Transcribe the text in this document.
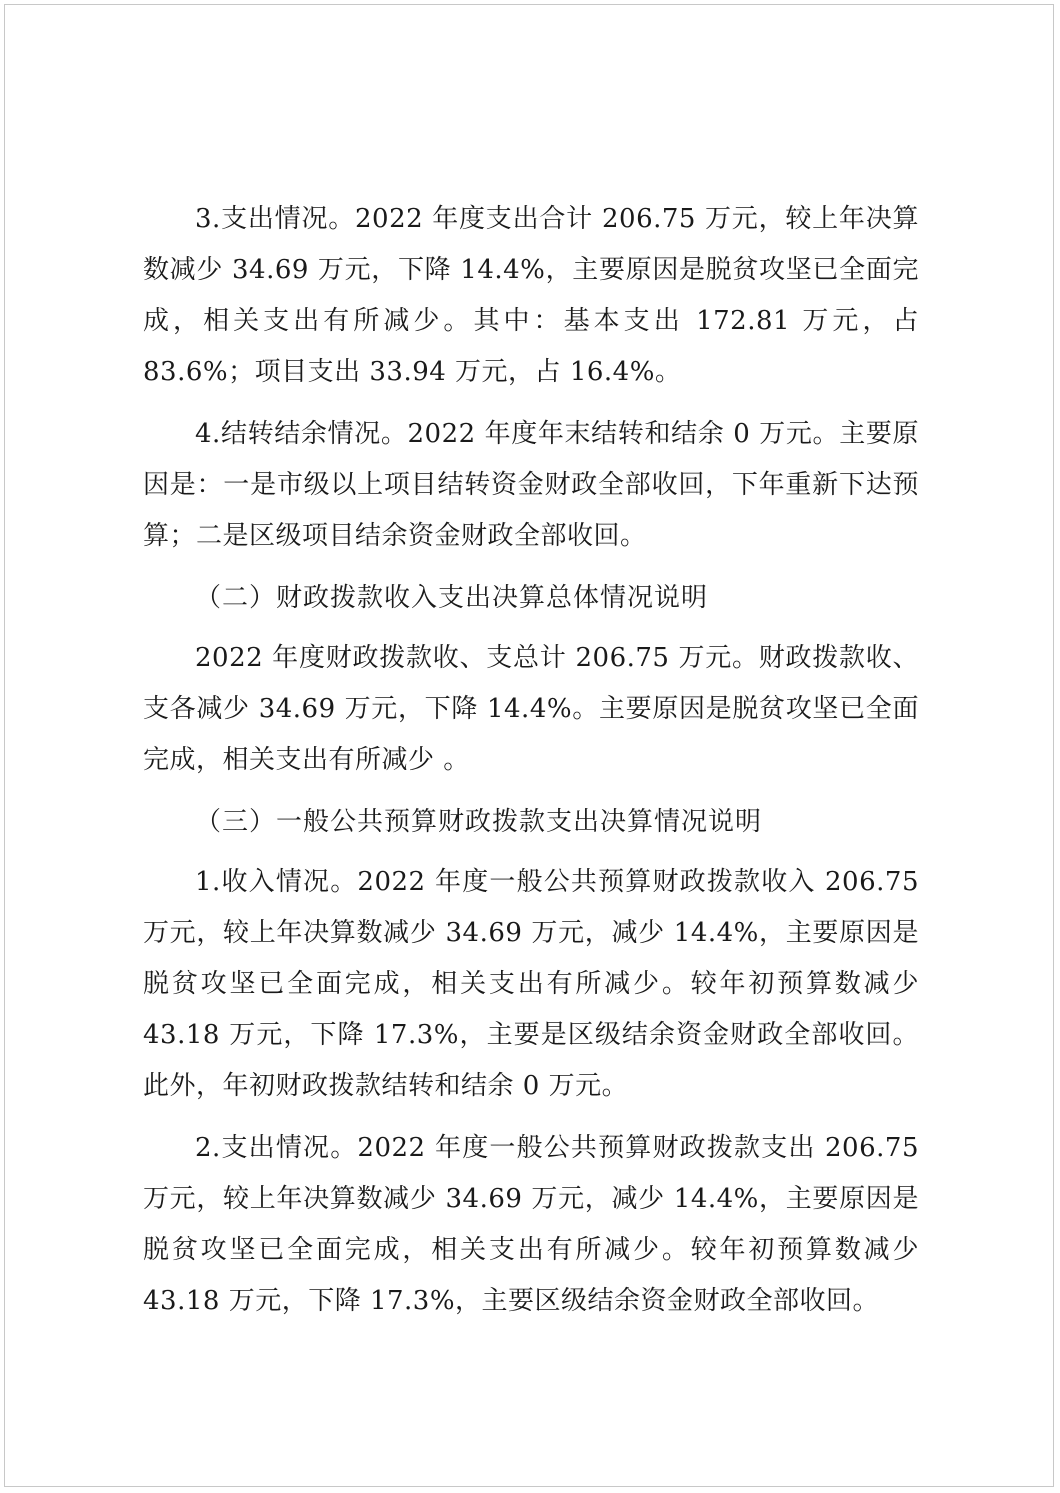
3.支出情况。2022 年度支出合计 206.75 万元，较上年决算数减少 34.69 万元，下降 14.4%，主要原因是脱贫攻坚已全面完成，相关支出有所减少。其中：基本支出 172.81 万元，占 83.6%；项目支出 33.94 万元，占 16.4%。

4.结转结余情况。2022 年度年末结转和结余 0 万元。主要原因是：一是市级以上项目结转资金财政全部收回，下年重新下达预算；二是区级项目结余资金财政全部收回。

（二）财政拨款收入支出决算总体情况说明

2022 年度财政拨款收、支总计 206.75 万元。财政拨款收、支各减少 34.69 万元，下降 14.4%。主要原因是脱贫攻坚已全面完成，相关支出有所减少 。

（三）一般公共预算财政拨款支出决算情况说明

1.收入情况。2022 年度一般公共预算财政拨款收入 206.75 万元，较上年决算数减少 34.69 万元，减少 14.4%，主要原因是脱贫攻坚已全面完成，相关支出有所减少。较年初预算数减少 43.18 万元，下降 17.3%，主要是区级结余资金财政全部收回。此外，年初财政拨款结转和结余 0 万元。

2.支出情况。2022 年度一般公共预算财政拨款支出 206.75 万元，较上年决算数减少 34.69 万元，减少 14.4%，主要原因是脱贫攻坚已全面完成，相关支出有所减少。较年初预算数减少 43.18 万元，下降 17.3%，主要区级结余资金财政全部收回。
